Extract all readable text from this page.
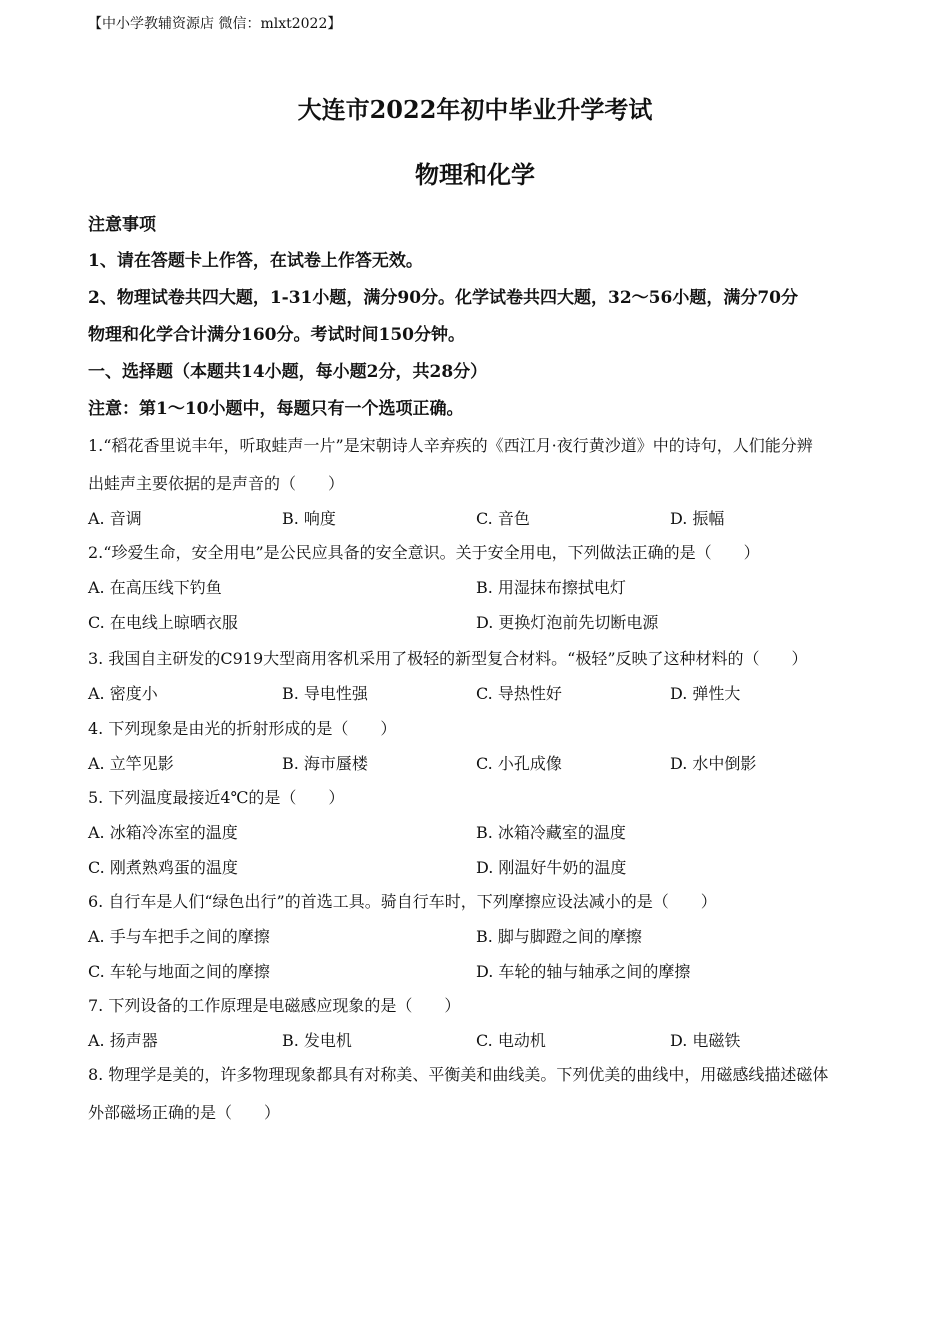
【中小学教辅资源店 微信：mlxt2022】
大连市2022年初中毕业升学考试
物理和化学
注意事项
1、请在答题卡上作答，在试卷上作答无效。
2、物理试卷共四大题，1-31小题，满分90分。化学试卷共四大题，32～56小题，满分70分
物理和化学合计满分160分。考试时间150分钟。
一、选择题（本题共14小题，每小题2分，共28分）
注意：第1～10小题中，每题只有一个选项正确。
1.“稻花香里说丰年，听取蛙声一片”是宋朝诗人辛弃疾的《西江月·夜行黄沙道》中的诗句，人们能分辨
出蛙声主要依据的是声音的（　　）
A. 音调	B. 响度	C. 音色	D. 振幅
2.“珍爱生命，安全用电”是公民应具备的安全意识。关于安全用电，下列做法正确的是（　　）
A. 在高压线下钓鱼	B. 用湿抹布擦拭电灯
C. 在电线上晾晒衣服	D. 更换灯泡前先切断电源
3. 我国自主研发的C919大型商用客机采用了极轻的新型复合材料。“极轻”反映了这种材料的（　　）
A. 密度小	B. 导电性强	C. 导热性好	D. 弹性大
4. 下列现象是由光的折射形成的是（　　）
A. 立竿见影	B. 海市蜃楼	C. 小孔成像	D. 水中倒影
5. 下列温度最接近4℃的是（　　）
A. 冰箱冷冻室的温度	B. 冰箱冷藏室的温度
C. 刚煮熟鸡蛋的温度	D. 刚温好牛奶的温度
6. 自行车是人们“绿色出行”的首选工具。骑自行车时，下列摩擦应设法减小的是（　　）
A. 手与车把手之间的摩擦	B. 脚与脚蹬之间的摩擦
C. 车轮与地面之间的摩擦	D. 车轮的轴与轴承之间的摩擦
7. 下列设备的工作原理是电磁感应现象的是（　　）
A. 扬声器	B. 发电机	C. 电动机	D. 电磁铁
8. 物理学是美的，许多物理现象都具有对称美、平衡美和曲线美。下列优美的曲线中，用磁感线描述磁体
外部磁场正确的是（　　）
